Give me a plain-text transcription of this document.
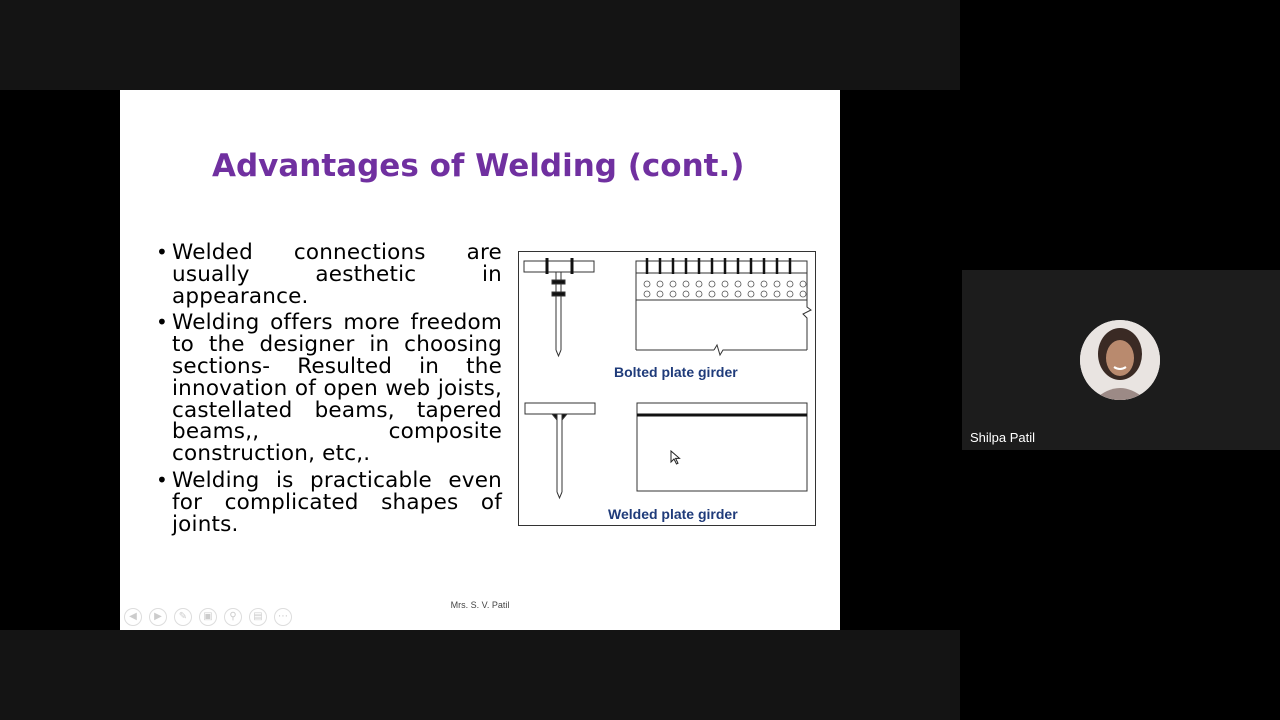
Advantages of Welding (cont.)
• Welded connections are usually aesthetic in appearance.
• Welding offers more freedom to the designer in choosing sections- Resulted in the innovation of open web joists, castellated beams, tapered beams,, composite construction, etc,.
• Welding is practicable even for complicated shapes of joints.
Bolted plate girder
Welded plate girder
Mrs. S. V. Patil
◀	▶	✎	▣	⚲	▤	⋯
Shilpa Patil
